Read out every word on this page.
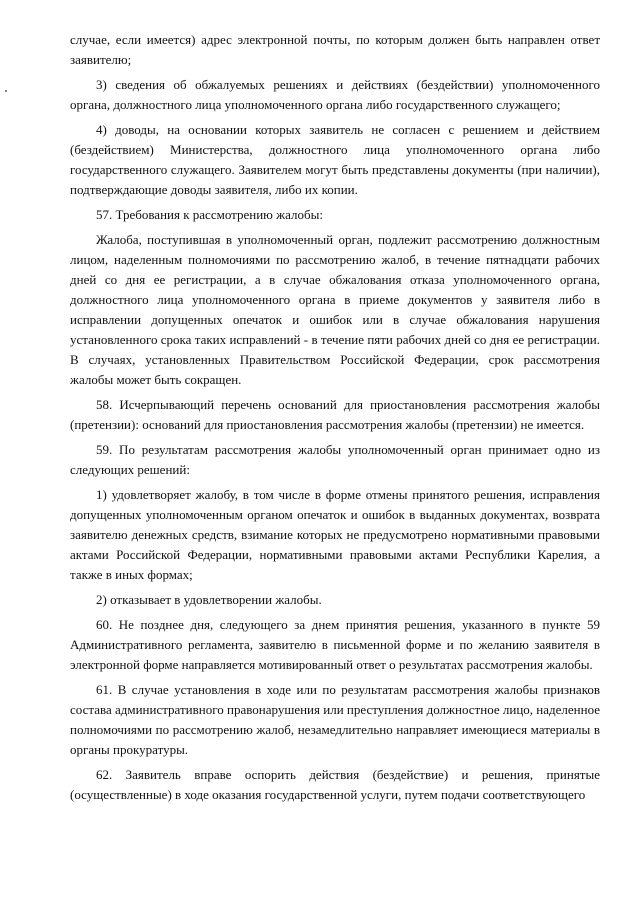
случае, если имеется) адрес электронной почты, по которым должен быть направлен ответ заявителю;

3) сведения об обжалуемых решениях и действиях (бездействии) уполномоченного органа, должностного лица уполномоченного органа либо государственного служащего;

4) доводы, на основании которых заявитель не согласен с решением и действием (бездействием) Министерства, должностного лица уполномоченного органа либо государственного служащего. Заявителем могут быть представлены документы (при наличии), подтверждающие доводы заявителя, либо их копии.

57. Требования к рассмотрению жалобы:

Жалоба, поступившая в уполномоченный орган, подлежит рассмотрению должностным лицом, наделенным полномочиями по рассмотрению жалоб, в течение пятнадцати рабочих дней со дня ее регистрации, а в случае обжалования отказа уполномоченного органа, должностного лица уполномоченного органа в приеме документов у заявителя либо в исправлении допущенных опечаток и ошибок или в случае обжалования нарушения установленного срока таких исправлений - в течение пяти рабочих дней со дня ее регистрации. В случаях, установленных Правительством Российской Федерации, срок рассмотрения жалобы может быть сокращен.

58. Исчерпывающий перечень оснований для приостановления рассмотрения жалобы (претензии): оснований для приостановления рассмотрения жалобы (претензии) не имеется.

59. По результатам рассмотрения жалобы уполномоченный орган принимает одно из следующих решений:

1) удовлетворяет жалобу, в том числе в форме отмены принятого решения, исправления допущенных уполномоченным органом опечаток и ошибок в выданных документах, возврата заявителю денежных средств, взимание которых не предусмотрено нормативными правовыми актами Российской Федерации, нормативными правовыми актами Республики Карелия, а также в иных формах;

2) отказывает в удовлетворении жалобы.

60. Не позднее дня, следующего за днем принятия решения, указанного в пункте 59 Административного регламента, заявителю в письменной форме и по желанию заявителя в электронной форме направляется мотивированный ответ о результатах рассмотрения жалобы.

61. В случае установления в ходе или по результатам рассмотрения жалобы признаков состава административного правонарушения или преступления должностное лицо, наделенное полномочиями по рассмотрению жалоб, незамедлительно направляет имеющиеся материалы в органы прокуратуры.

62. Заявитель вправе оспорить действия (бездействие) и решения, принятые (осуществленные) в ходе оказания государственной услуги, путем подачи соответствующего
